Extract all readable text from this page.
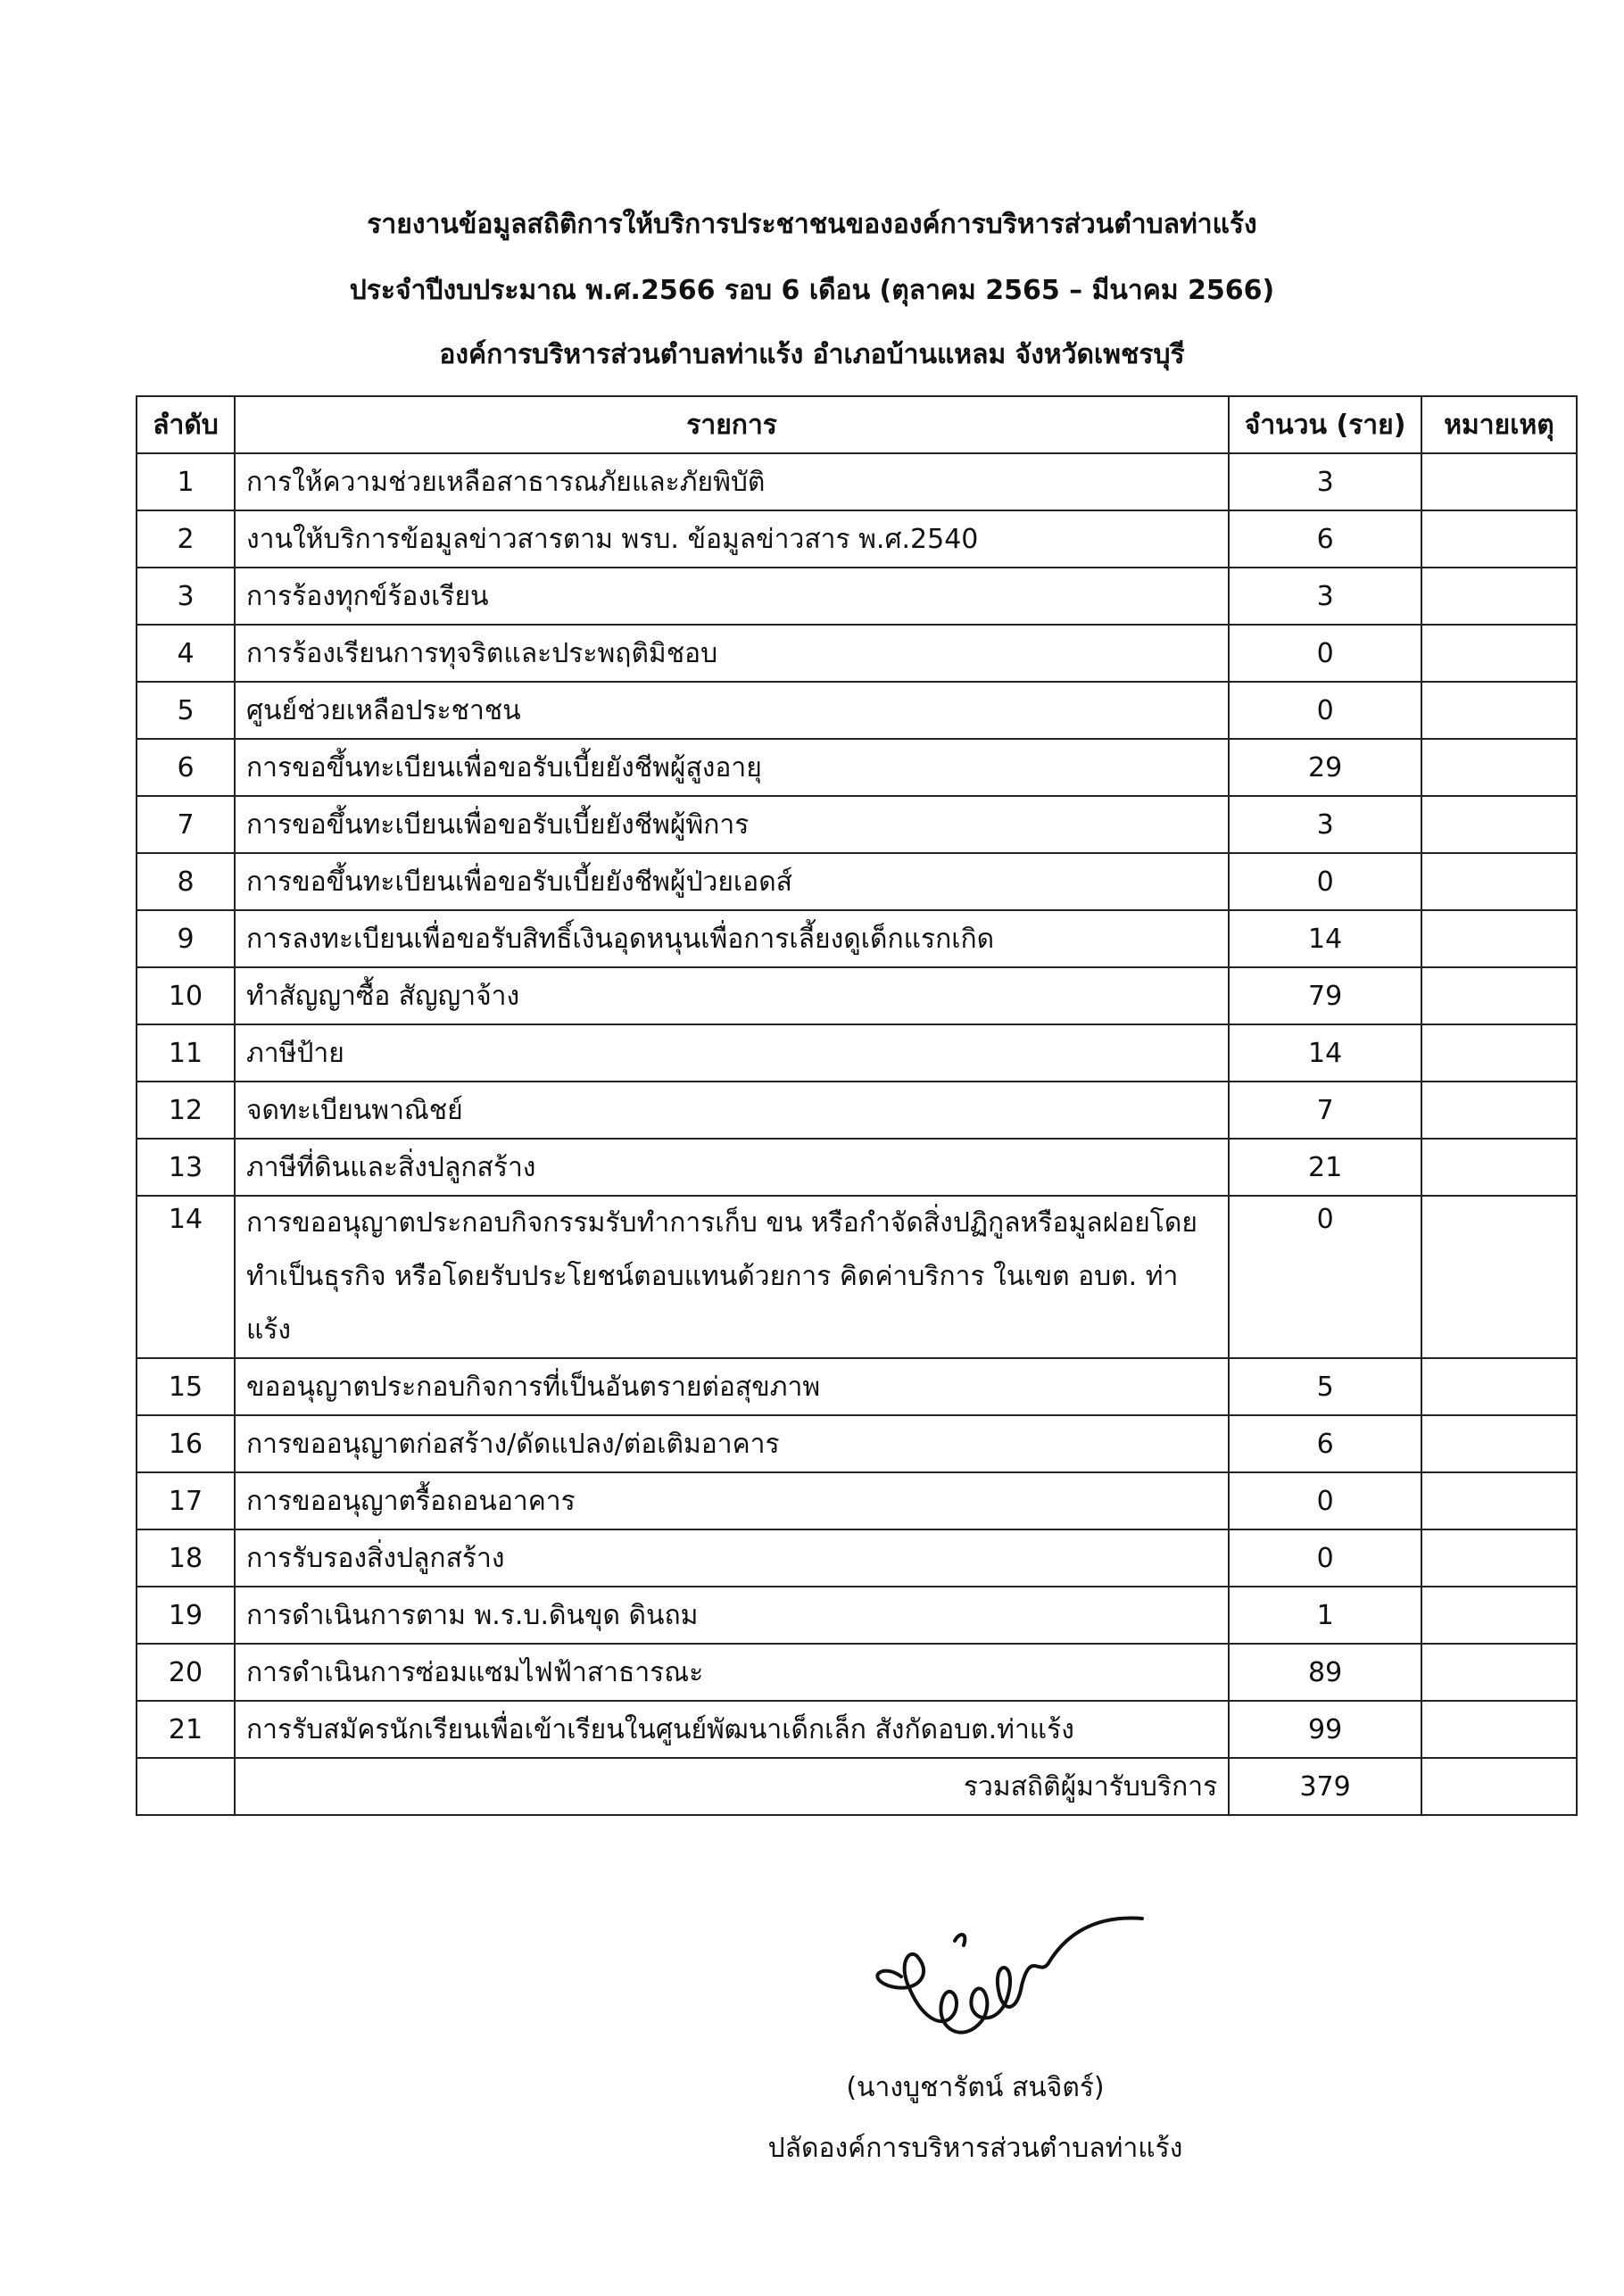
รายงานข้อมูลสถิติการให้บริการประชาชนขององค์การบริหารส่วนตำบลท่าแร้ง
ประจำปีงบประมาณ พ.ศ.2566 รอบ 6 เดือน (ตุลาคม 2565 – มีนาคม 2566)
องค์การบริหารส่วนตำบลท่าแร้ง อำเภอบ้านแหลม จังหวัดเพชรบุรี
ลำดับ	รายการ	จำนวน (ราย)	หมายเหตุ
1	การให้ความช่วยเหลือสาธารณภัยและภัยพิบัติ	3	
2	งานให้บริการข้อมูลข่าวสารตาม พรบ. ข้อมูลข่าวสาร พ.ศ.2540	6	
3	การร้องทุกข์ร้องเรียน	3	
4	การร้องเรียนการทุจริตและประพฤติมิชอบ	0	
5	ศูนย์ช่วยเหลือประชาชน	0	
6	การขอขึ้นทะเบียนเพื่อขอรับเบี้ยยังชีพผู้สูงอายุ	29	
7	การขอขึ้นทะเบียนเพื่อขอรับเบี้ยยังชีพผู้พิการ	3	
8	การขอขึ้นทะเบียนเพื่อขอรับเบี้ยยังชีพผู้ป่วยเอดส์	0	
9	การลงทะเบียนเพื่อขอรับสิทธิ์เงินอุดหนุนเพื่อการเลี้ยงดูเด็กแรกเกิด	14	
10	ทำสัญญาซื้อ สัญญาจ้าง	79	
11	ภาษีป้าย	14	
12	จดทะเบียนพาณิชย์	7	
13	ภาษีที่ดินและสิ่งปลูกสร้าง	21	
14	การขออนุญาตประกอบกิจกรรมรับทำการเก็บ ขน หรือกำจัดสิ่งปฏิกูลหรือมูลฝอยโดยทำเป็นธุรกิจ หรือโดยรับประโยชน์ตอบแทนด้วยการ คิดค่าบริการ ในเขต อบต. ท่าแร้ง	0	
15	ขออนุญาตประกอบกิจการที่เป็นอันตรายต่อสุขภาพ	5	
16	การขออนุญาตก่อสร้าง/ดัดแปลง/ต่อเติมอาคาร	6	
17	การขออนุญาตรื้อถอนอาคาร	0	
18	การรับรองสิ่งปลูกสร้าง	0	
19	การดำเนินการตาม พ.ร.บ.ดินขุด ดินถม	1	
20	การดำเนินการซ่อมแซมไฟฟ้าสาธารณะ	89	
21	การรับสมัครนักเรียนเพื่อเข้าเรียนในศูนย์พัฒนาเด็กเล็ก สังกัดอบต.ท่าแร้ง	99	
	รวมสถิติผู้มารับบริการ	379	
(นางบูชารัตน์ สนจิตร์)
ปลัดองค์การบริหารส่วนตำบลท่าแร้ง
